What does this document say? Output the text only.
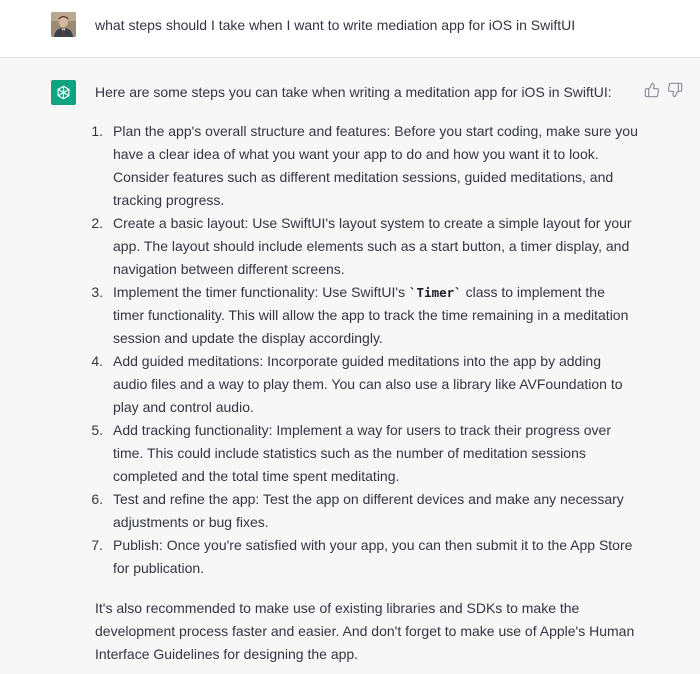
what steps should I take when I want to write mediation app for iOS in SwiftUI

Here are some steps you can take when writing a meditation app for iOS in SwiftUI:

1. Plan the app's overall structure and features: Before you start coding, make sure you have a clear idea of what you want your app to do and how you want it to look. Consider features such as different meditation sessions, guided meditations, and tracking progress.
2. Create a basic layout: Use SwiftUI's layout system to create a simple layout for your app. The layout should include elements such as a start button, a timer display, and navigation between different screens.
3. Implement the timer functionality: Use SwiftUI's `Timer` class to implement the timer functionality. This will allow the app to track the time remaining in a meditation session and update the display accordingly.
4. Add guided meditations: Incorporate guided meditations into the app by adding audio files and a way to play them. You can also use a library like AVFoundation to play and control audio.
5. Add tracking functionality: Implement a way for users to track their progress over time. This could include statistics such as the number of meditation sessions completed and the total time spent meditating.
6. Test and refine the app: Test the app on different devices and make any necessary adjustments or bug fixes.
7. Publish: Once you're satisfied with your app, you can then submit it to the App Store for publication.

It's also recommended to make use of existing libraries and SDKs to make the development process faster and easier. And don't forget to make use of Apple's Human Interface Guidelines for designing the app.
